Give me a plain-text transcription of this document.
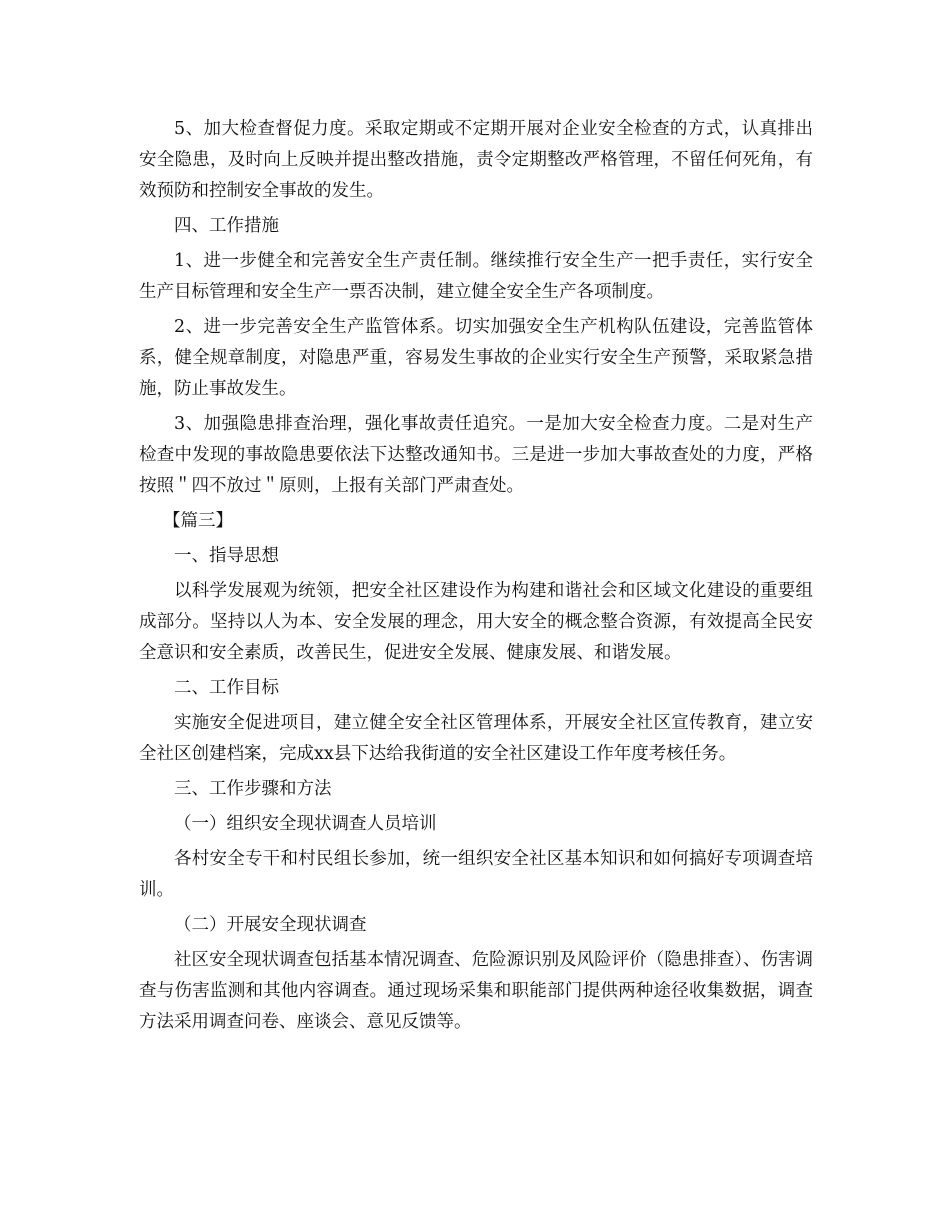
5、加大检查督促力度。采取定期或不定期开展对企业安全检查的方式，认真排出安全隐患，及时向上反映并提出整改措施，责令定期整改严格管理，不留任何死角，有效预防和控制安全事故的发生。

四、工作措施

1、进一步健全和完善安全生产责任制。继续推行安全生产一把手责任，实行安全生产目标管理和安全生产一票否决制，建立健全安全生产各项制度。

2、进一步完善安全生产监管体系。切实加强安全生产机构队伍建设，完善监管体系，健全规章制度，对隐患严重，容易发生事故的企业实行安全生产预警，采取紧急措施，防止事故发生。

3、加强隐患排查治理，强化事故责任追究。一是加大安全检查力度。二是对生产检查中发现的事故隐患要依法下达整改通知书。三是进一步加大事故查处的力度，严格按照＂四不放过＂原则，上报有关部门严肃查处。

【篇三】

一、指导思想

以科学发展观为统领，把安全社区建设作为构建和谐社会和区域文化建设的重要组成部分。坚持以人为本、安全发展的理念，用大安全的概念整合资源，有效提高全民安全意识和安全素质，改善民生，促进安全发展、健康发展、和谐发展。

二、工作目标

实施安全促进项目，建立健全安全社区管理体系，开展安全社区宣传教育，建立安全社区创建档案，完成xx县下达给我街道的安全社区建设工作年度考核任务。

三、工作步骤和方法

（一）组织安全现状调查人员培训

各村安全专干和村民组长参加，统一组织安全社区基本知识和如何搞好专项调查培训。

（二）开展安全现状调查

社区安全现状调查包括基本情况调查、危险源识别及风险评价（隐患排查）、伤害调查与伤害监测和其他内容调查。通过现场采集和职能部门提供两种途径收集数据，调查方法采用调查问卷、座谈会、意见反馈等。
